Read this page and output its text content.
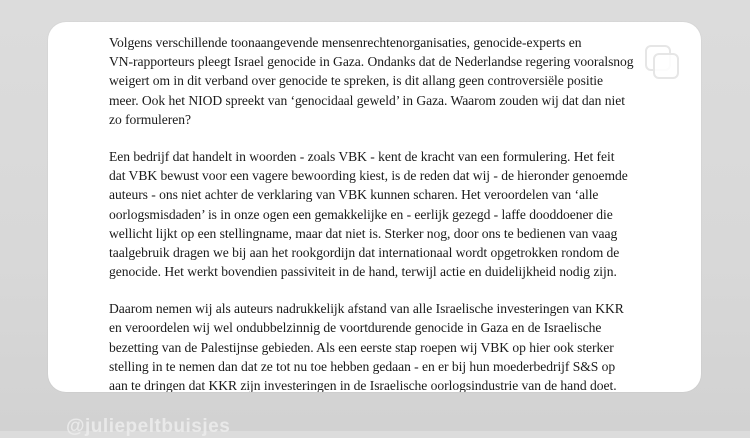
Volgens verschillende toonaangevende mensenrechtenorganisaties, genocide-experts en
VN-rapporteurs pleegt Israel genocide in Gaza. Ondanks dat de Nederlandse regering vooralsnog
weigert om in dit verband over genocide te spreken, is dit allang geen controversiële positie
meer. Ook het NIOD spreekt van ‘genocidaal geweld’ in Gaza. Waarom zouden wij dat dan niet
zo formuleren?
Een bedrijf dat handelt in woorden - zoals VBK - kent de kracht van een formulering. Het feit
dat VBK bewust voor een vagere bewoording kiest, is de reden dat wij - de hieronder genoemde
auteurs - ons niet achter de verklaring van VBK kunnen scharen. Het veroordelen van ‘alle
oorlogsmisdaden’ is in onze ogen een gemakkelijke en - eerlijk gezegd - laffe dooddoener die
wellicht lijkt op een stellingname, maar dat niet is. Sterker nog, door ons te bedienen van vaag
taalgebruik dragen we bij aan het rookgordijn dat internationaal wordt opgetrokken rondom de
genocide. Het werkt bovendien passiviteit in de hand, terwijl actie en duidelijkheid nodig zijn.
Daarom nemen wij als auteurs nadrukkelijk afstand van alle Israelische investeringen van KKR
en veroordelen wij wel ondubbelzinnig de voortdurende genocide in Gaza en de Israelische
bezetting van de Palestijnse gebieden. Als een eerste stap roepen wij VBK op hier ook sterker
stelling in te nemen dan dat ze tot nu toe hebben gedaan - en er bij hun moederbedrijf S&S op
aan te dringen dat KKR zijn investeringen in de Israelische oorlogsindustrie van de hand doet.
@juliepeltbuisjes
